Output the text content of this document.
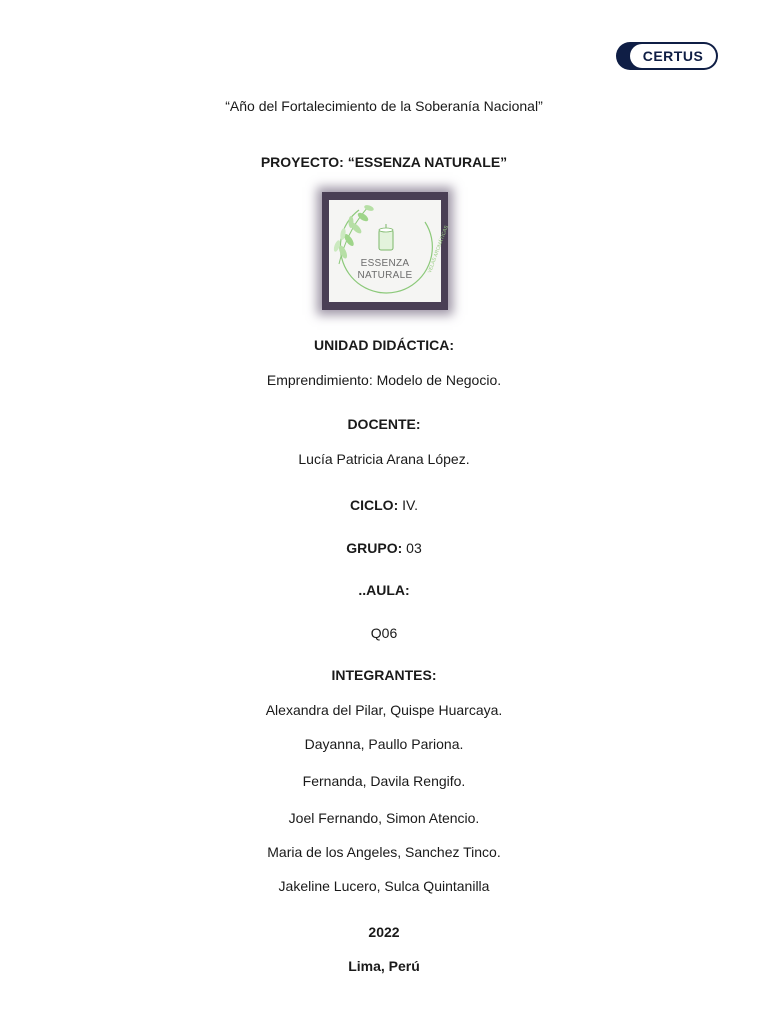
CERTUS
“Año del Fortalecimiento de la Soberanía Nacional”
PROYECTO: “ESSENZA NATURALE”
ESSENZA
NATURALE
VELAS AROMÁTICAS
UNIDAD DIDÁCTICA:
Emprendimiento: Modelo de Negocio.
DOCENTE:
Lucía Patricia Arana López.
CICLO: IV.
GRUPO: 03
..AULA:
Q06
INTEGRANTES:
Alexandra del Pilar, Quispe Huarcaya.
Dayanna, Paullo Pariona.
Fernanda, Davila Rengifo.
Joel Fernando, Simon Atencio.
Maria de los Angeles, Sanchez Tinco.
Jakeline Lucero, Sulca Quintanilla
2022
Lima, Perú
